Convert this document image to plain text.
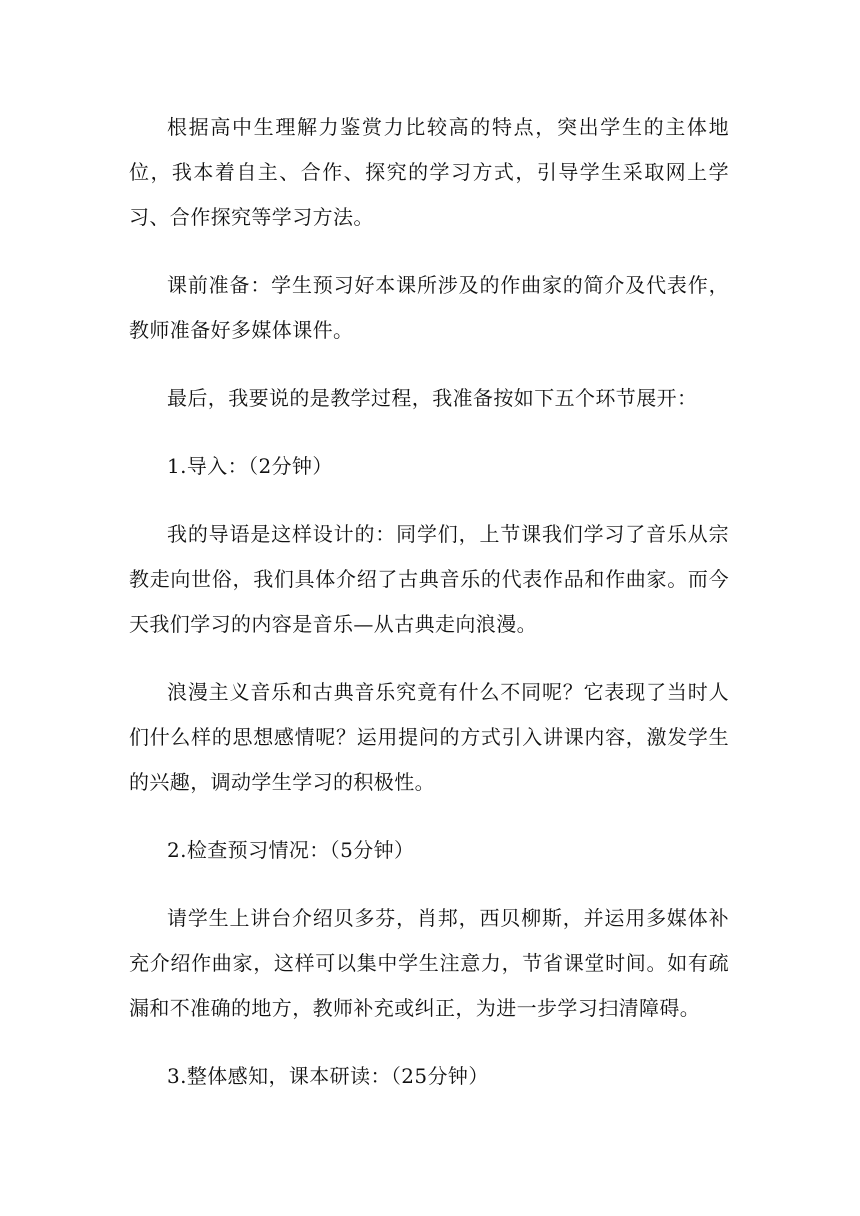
根据高中生理解力鉴赏力比较高的特点，突出学生的主体地位，我本着自主、合作、探究的学习方式，引导学生采取网上学习、合作探究等学习方法。

课前准备：学生预习好本课所涉及的作曲家的简介及代表作，教师准备好多媒体课件。

最后，我要说的是教学过程，我准备按如下五个环节展开：

1.导入：（2分钟）

我的导语是这样设计的：同学们，上节课我们学习了音乐从宗教走向世俗，我们具体介绍了古典音乐的代表作品和作曲家。而今天我们学习的内容是音乐—从古典走向浪漫。

浪漫主义音乐和古典音乐究竟有什么不同呢？它表现了当时人们什么样的思想感情呢？运用提问的方式引入讲课内容，激发学生的兴趣，调动学生学习的积极性。

2.检查预习情况：（5分钟）

请学生上讲台介绍贝多芬，肖邦，西贝柳斯，并运用多媒体补充介绍作曲家，这样可以集中学生注意力，节省课堂时间。如有疏漏和不准确的地方，教师补充或纠正，为进一步学习扫清障碍。

3.整体感知，课本研读：（25分钟）
